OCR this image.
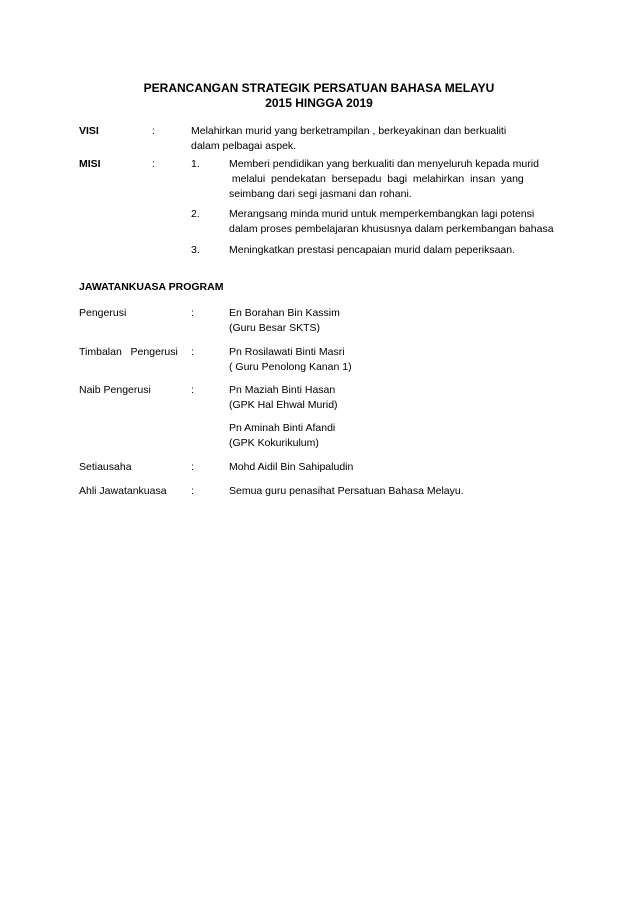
PERANCANGAN STRATEGIK PERSATUAN BAHASA MELAYU
2015 HINGGA 2019
VISI	:	Melahirkan murid yang berketrampilan , berkeyakinan dan berkualiti
dalam pelbagai aspek.
MISI	:	1.	Memberi pendidikan yang berkualiti dan menyeluruh kepada murid
melalui  pendekatan  bersepadu  bagi  melahirkan  insan  yang
seimbang dari segi jasmani dan rohani.
2.	Merangsang minda murid untuk memperkembangkan lagi potensi
dalam proses pembelajaran khususnya dalam perkembangan bahasa
3.	Meningkatkan prestasi pencapaian murid dalam peperiksaan.
JAWATANKUASA PROGRAM
Pengerusi	:	En Borahan Bin Kassim
(Guru Besar SKTS)
Timbalan   Pengerusi :	Pn Rosilawati Binti Masri
( Guru Penolong Kanan 1)
Naib Pengerusi	:	Pn Maziah Binti Hasan
(GPK Hal Ehwal Murid)
Pn Aminah Binti Afandi
(GPK Kokurikulum)
Setiausaha	:	Mohd Aidil Bin Sahipaludin
Ahli Jawatankuasa :	Semua guru penasihat Persatuan Bahasa Melayu.
